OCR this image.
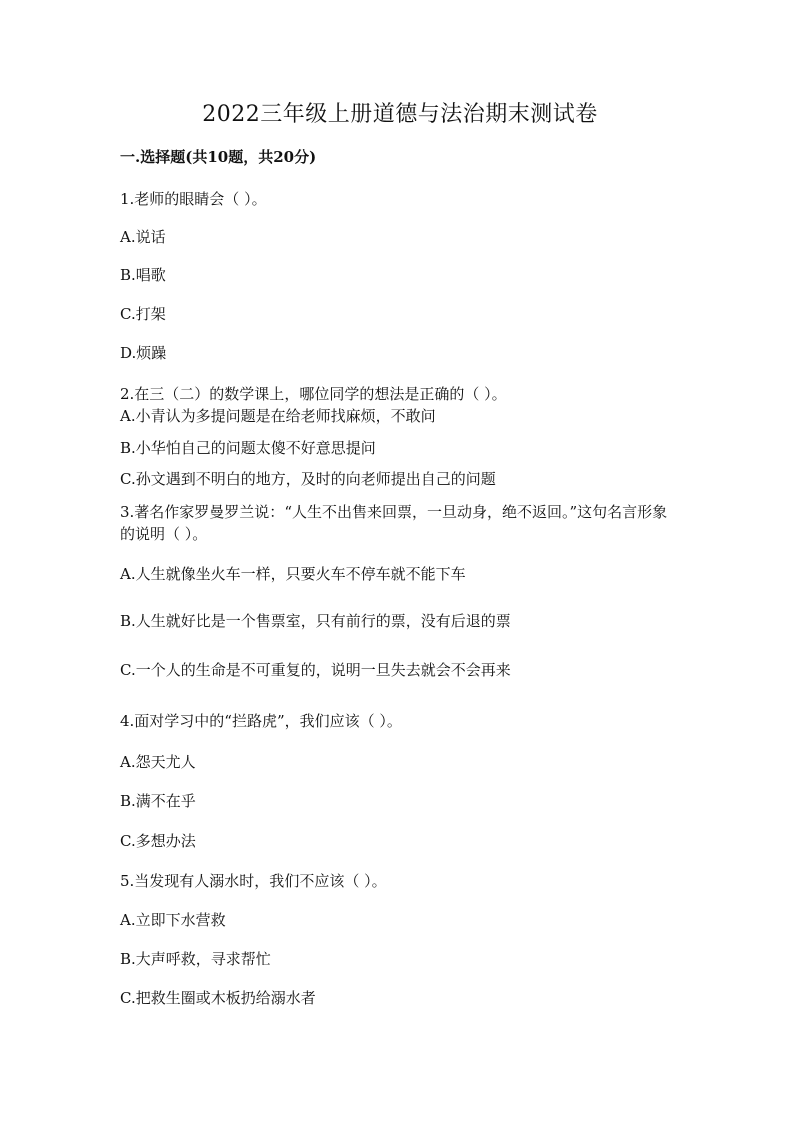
2022三年级上册道德与法治期末测试卷
一.选择题(共10题，共20分)
1.老师的眼睛会（ ）。
A.说话
B.唱歌
C.打架
D.烦躁
2.在三（二）的数学课上，哪位同学的想法是正确的（ ）。
A.小青认为多提问题是在给老师找麻烦，不敢问
B.小华怕自己的问题太傻不好意思提问
C.孙文遇到不明白的地方，及时的向老师提出自己的问题
3.著名作家罗曼罗兰说：“人生不出售来回票，一旦动身，绝不返回。”这句名言形象的说明（ ）。
A.人生就像坐火车一样，只要火车不停车就不能下车
B.人生就好比是一个售票室，只有前行的票，没有后退的票
C.一个人的生命是不可重复的，说明一旦失去就会不会再来
4.面对学习中的“拦路虎”，我们应该（ ）。
A.怨天尤人
B.满不在乎
C.多想办法
5.当发现有人溺水时，我们不应该（ ）。
A.立即下水营救
B.大声呼救，寻求帮忙
C.把救生圈或木板扔给溺水者
